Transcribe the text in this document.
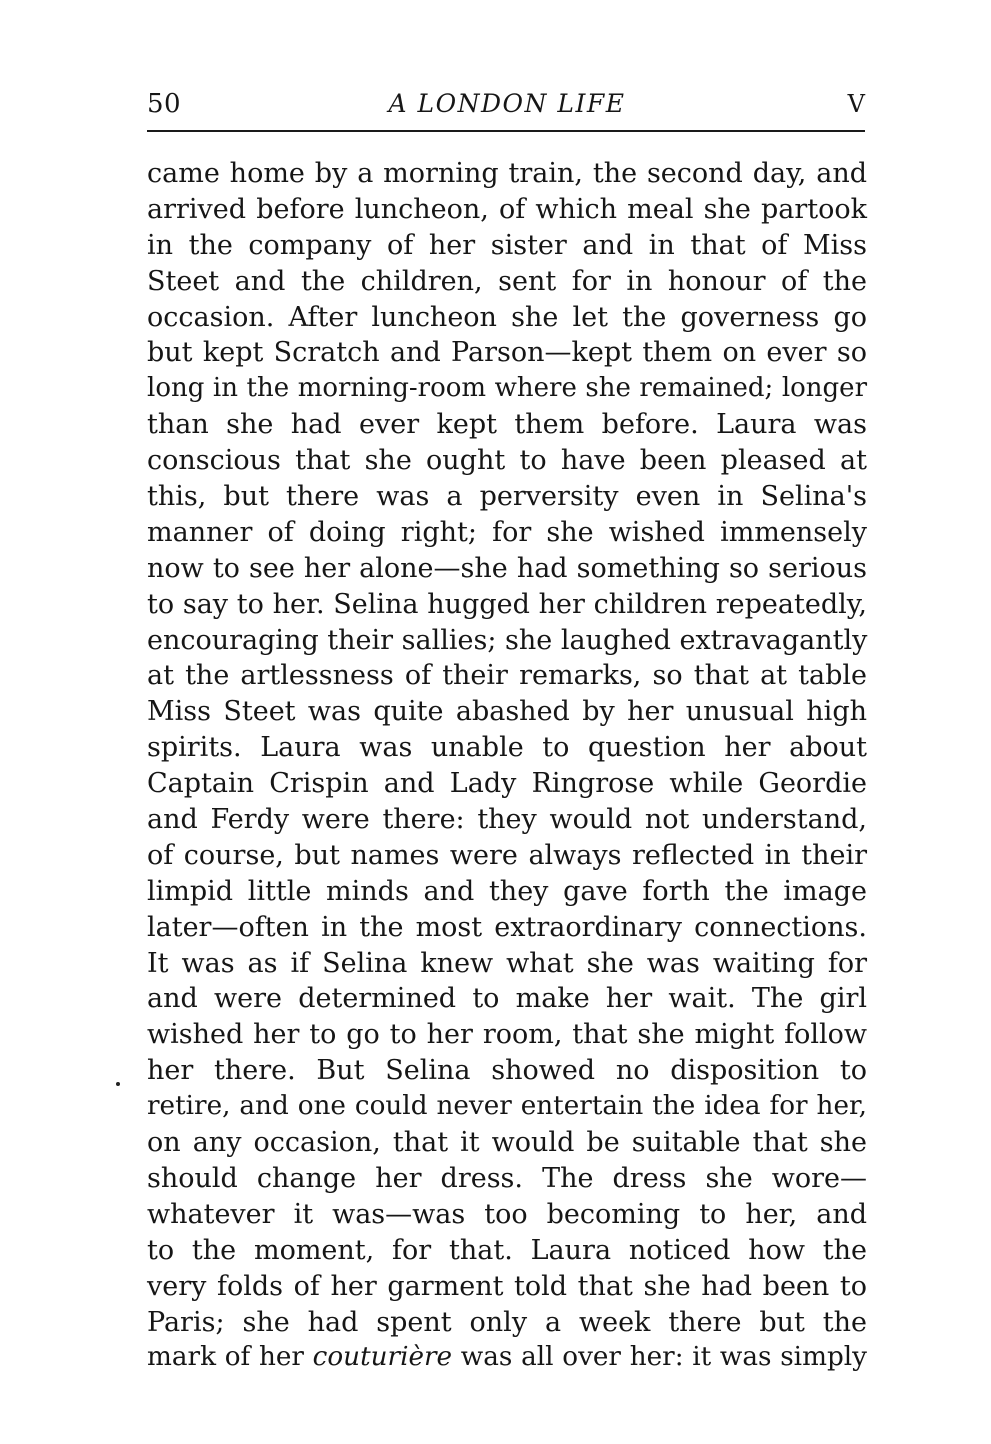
50	A LONDON LIFE	V
came home by a morning train, the second day, and
arrived before luncheon, of which meal she partook
in the company of her sister and in that of Miss
Steet and the children, sent for in honour of the
occasion. After luncheon she let the governess go
but kept Scratch and Parson—kept them on ever so
long in the morning-room where she remained; longer
than she had ever kept them before. Laura was
conscious that she ought to have been pleased at
this, but there was a perversity even in Selina's
manner of doing right; for she wished immensely
now to see her alone—she had something so serious
to say to her. Selina hugged her children repeatedly,
encouraging their sallies; she laughed extravagantly
at the artlessness of their remarks, so that at table
Miss Steet was quite abashed by her unusual high
spirits. Laura was unable to question her about
Captain Crispin and Lady Ringrose while Geordie
and Ferdy were there: they would not understand,
of course, but names were always reflected in their
limpid little minds and they gave forth the image
later—often in the most extraordinary connections.
It was as if Selina knew what she was waiting for
and were determined to make her wait. The girl
wished her to go to her room, that she might follow
her there. But Selina showed no disposition to
retire, and one could never entertain the idea for her,
on any occasion, that it would be suitable that she
should change her dress. The dress she wore—
whatever it was—was too becoming to her, and
to the moment, for that. Laura noticed how the
very folds of her garment told that she had been to
Paris; she had spent only a week there but the
mark of her couturière was all over her: it was simply
